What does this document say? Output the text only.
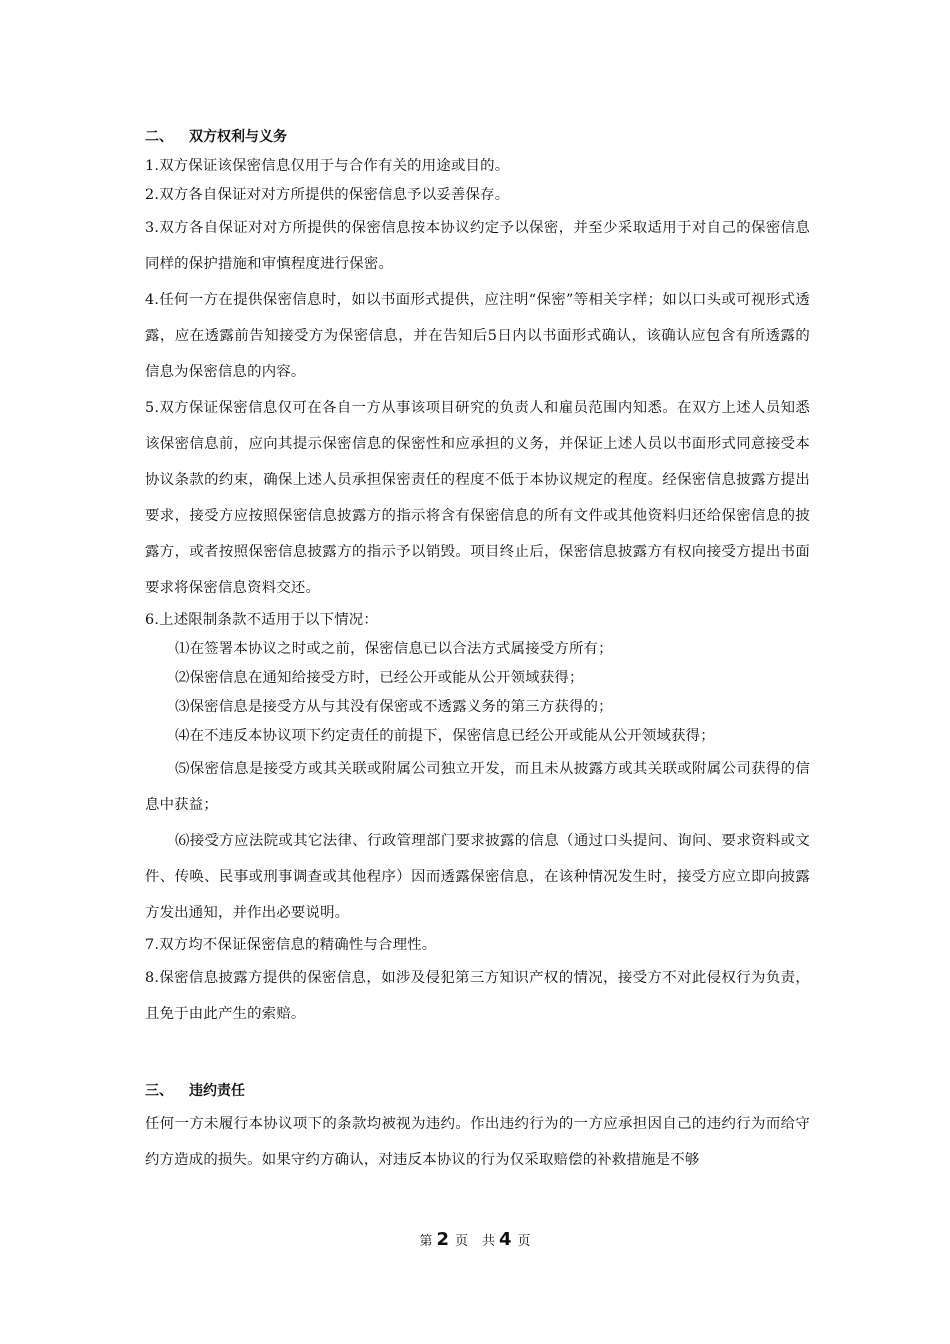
二、 双方权利与义务

1.双方保证该保密信息仅用于与合作有关的用途或目的。

2.双方各自保证对对方所提供的保密信息予以妥善保存。

3.双方各自保证对对方所提供的保密信息按本协议约定予以保密，并至少采取适用于对自己的保密信息同样的保护措施和审慎程度进行保密。

4.任何一方在提供保密信息时，如以书面形式提供，应注明“保密”等相关字样；如以口头或可视形式透露，应在透露前告知接受方为保密信息，并在告知后5日内以书面形式确认，该确认应包含有所透露的信息为保密信息的内容。

5.双方保证保密信息仅可在各自一方从事该项目研究的负责人和雇员范围内知悉。在双方上述人员知悉该保密信息前，应向其提示保密信息的保密性和应承担的义务，并保证上述人员以书面形式同意接受本协议条款的约束，确保上述人员承担保密责任的程度不低于本协议规定的程度。经保密信息披露方提出要求，接受方应按照保密信息披露方的指示将含有保密信息的所有文件或其他资料归还给保密信息的披露方，或者按照保密信息披露方的指示予以销毁。项目终止后，保密信息披露方有权向接受方提出书面要求将保密信息资料交还。

6.上述限制条款不适用于以下情况：

⑴在签署本协议之时或之前，保密信息已以合法方式属接受方所有；

⑵保密信息在通知给接受方时，已经公开或能从公开领域获得；

⑶保密信息是接受方从与其没有保密或不透露义务的第三方获得的；

⑷在不违反本协议项下约定责任的前提下，保密信息已经公开或能从公开领域获得；

⑸保密信息是接受方或其关联或附属公司独立开发，而且未从披露方或其关联或附属公司获得的信息中获益；

⑹接受方应法院或其它法律、行政管理部门要求披露的信息（通过口头提问、询问、要求资料或文件、传唤、民事或刑事调查或其他程序）因而透露保密信息，在该种情况发生时，接受方应立即向披露方发出通知，并作出必要说明。

7.双方均不保证保密信息的精确性与合理性。

8.保密信息披露方提供的保密信息，如涉及侵犯第三方知识产权的情况，接受方不对此侵权行为负责，且免于由此产生的索赔。

三、 违约责任

任何一方未履行本协议项下的条款均被视为违约。作出违约行为的一方应承担因自己的违约行为而给守约方造成的损失。如果守约方确认，对违反本协议的行为仅采取赔偿的补救措施是不够

第 2 页 共 4 页
